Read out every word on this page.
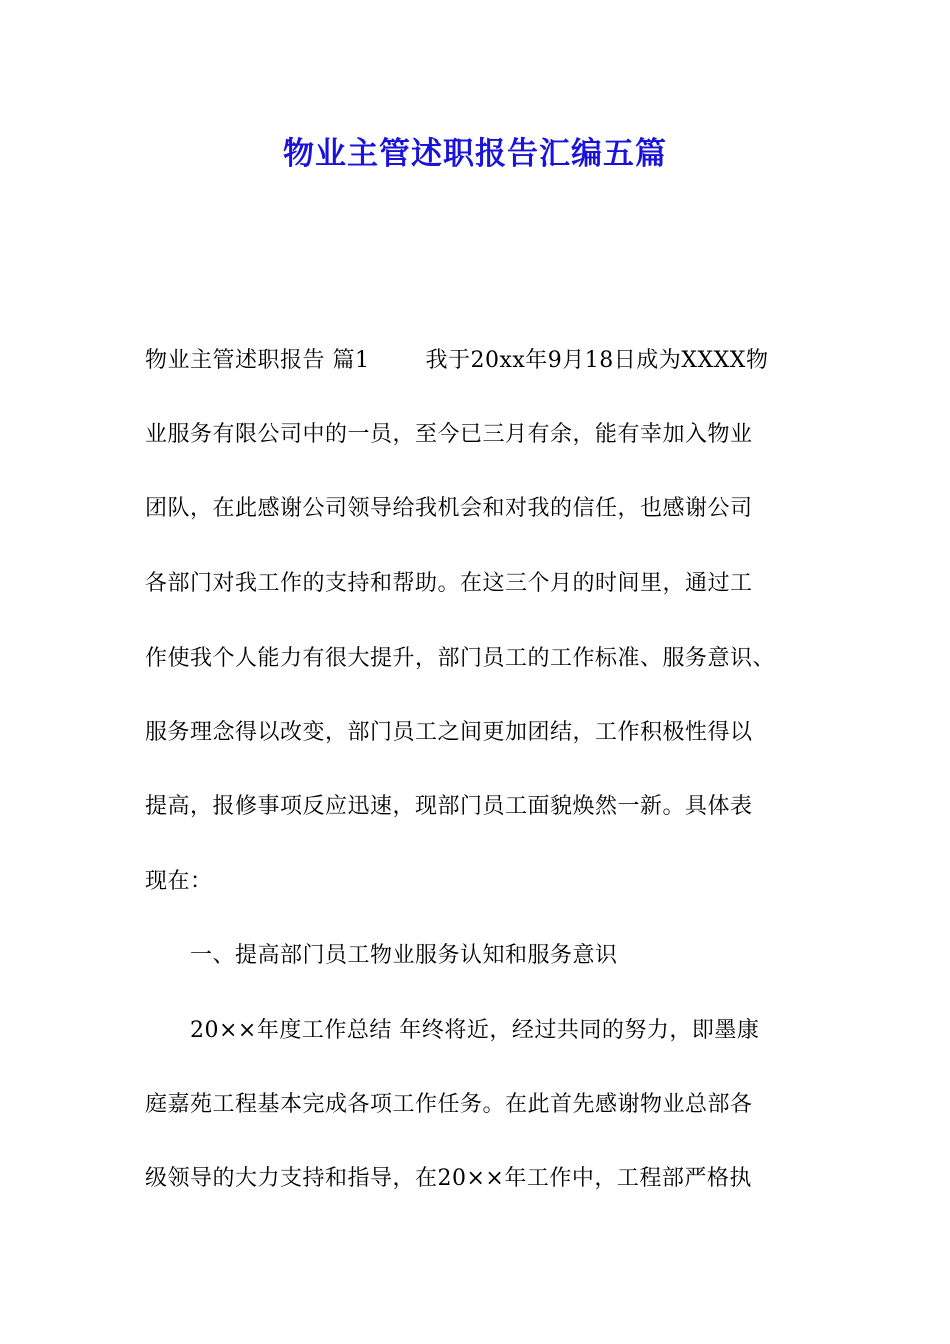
物业主管述职报告汇编五篇
物业主管述职报告 篇1	我于20xx年9月18日成为XXXX物
业服务有限公司中的一员，至今已三月有余，能有幸加入物业
团队，在此感谢公司领导给我机会和对我的信任，也感谢公司
各部门对我工作的支持和帮助。在这三个月的时间里，通过工
作使我个人能力有很大提升，部门员工的工作标准、服务意识、
服务理念得以改变，部门员工之间更加团结，工作积极性得以
提高，报修事项反应迅速，现部门员工面貌焕然一新。具体表
现在：
一、提高部门员工物业服务认知和服务意识
20××年度工作总结 年终将近，经过共同的努力，即墨康
庭嘉苑工程基本完成各项工作任务。在此首先感谢物业总部各
级领导的大力支持和指导，在20××年工作中，工程部严格执
